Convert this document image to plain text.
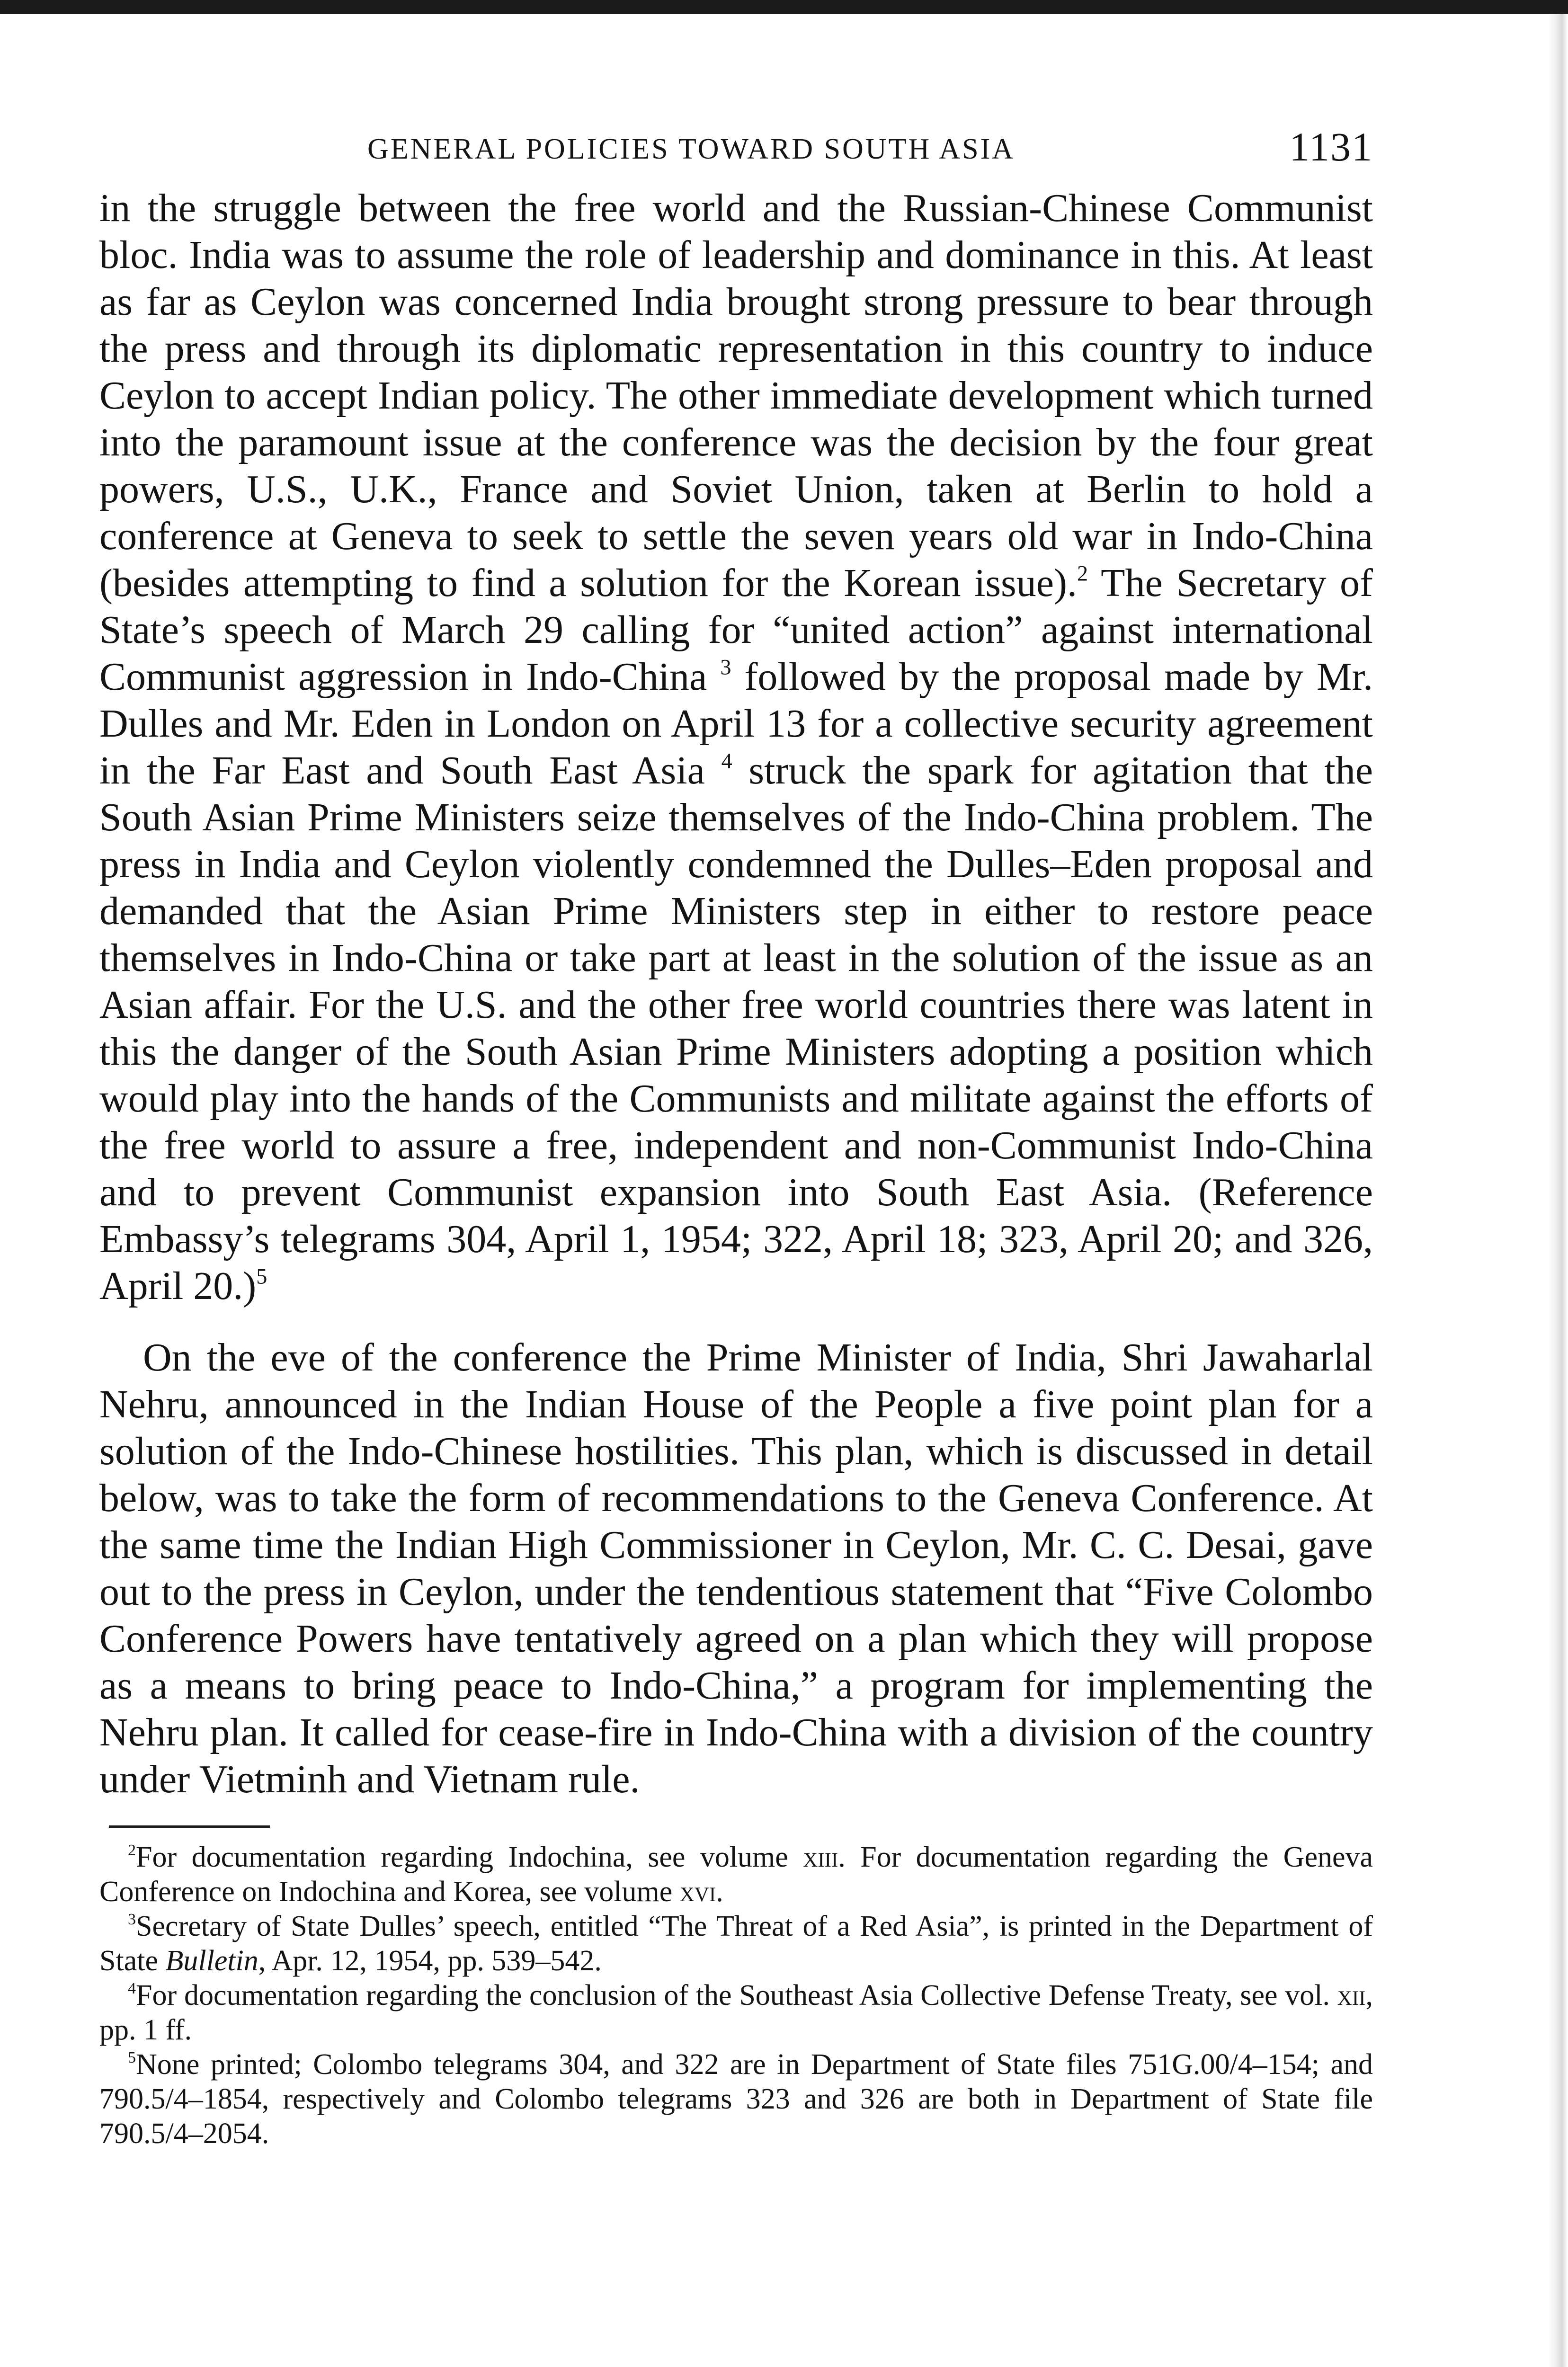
GENERAL POLICIES TOWARD SOUTH ASIA	1131

in the struggle between the free world and the Russian-Chinese Communist bloc. India was to assume the role of leadership and dominance in this. At least as far as Ceylon was concerned India brought strong pressure to bear through the press and through its diplomatic representation in this country to induce Ceylon to accept Indian policy. The other immediate development which turned into the paramount issue at the conference was the decision by the four great powers, U.S., U.K., France and Soviet Union, taken at Berlin to hold a conference at Geneva to seek to settle the seven years old war in Indo-China (besides attempting to find a solution for the Korean issue).$^2$ The Secretary of State’s speech of March 29 calling for “united action” against international Communist aggression in Indo-China $^3$ followed by the proposal made by Mr. Dulles and Mr. Eden in London on April 13 for a collective security agreement in the Far East and South East Asia $^4$ struck the spark for agitation that the South Asian Prime Ministers seize themselves of the Indo-China problem. The press in India and Ceylon violently condemned the Dulles–Eden proposal and demanded that the Asian Prime Ministers step in either to restore peace themselves in Indo-China or take part at least in the solution of the issue as an Asian affair. For the U.S. and the other free world countries there was latent in this the danger of the South Asian Prime Ministers adopting a position which would play into the hands of the Communists and militate against the efforts of the free world to assure a free, independent and non-Communist Indo-China and to prevent Communist expansion into South East Asia. (Reference Embassy’s telegrams 304, April 1, 1954; 322, April 18; 323, April 20; and 326, April 20.)$^5$

On the eve of the conference the Prime Minister of India, Shri Jawaharlal Nehru, announced in the Indian House of the People a five point plan for a solution of the Indo-Chinese hostilities. This plan, which is discussed in detail below, was to take the form of recommendations to the Geneva Conference. At the same time the Indian High Commissioner in Ceylon, Mr. C. C. Desai, gave out to the press in Ceylon, under the tendentious statement that “Five Colombo Conference Powers have tentatively agreed on a plan which they will propose as a means to bring peace to Indo-China,” a program for implementing the Nehru plan. It called for cease-fire in Indo-China with a division of the country under Vietminh and Vietnam rule.

$^2$For documentation regarding Indochina, see volume xiii. For documentation regarding the Geneva Conference on Indochina and Korea, see volume xvi.

$^3$Secretary of State Dulles’ speech, entitled “The Threat of a Red Asia”, is printed in the Department of State Bulletin, Apr. 12, 1954, pp. 539–542.

$^4$For documentation regarding the conclusion of the Southeast Asia Collective Defense Treaty, see vol. xii, pp. 1 ff.

$^5$None printed; Colombo telegrams 304, and 322 are in Department of State files 751G.00/4–154; and 790.5/4–1854, respectively and Colombo telegrams 323 and 326 are both in Department of State file 790.5/4–2054.
